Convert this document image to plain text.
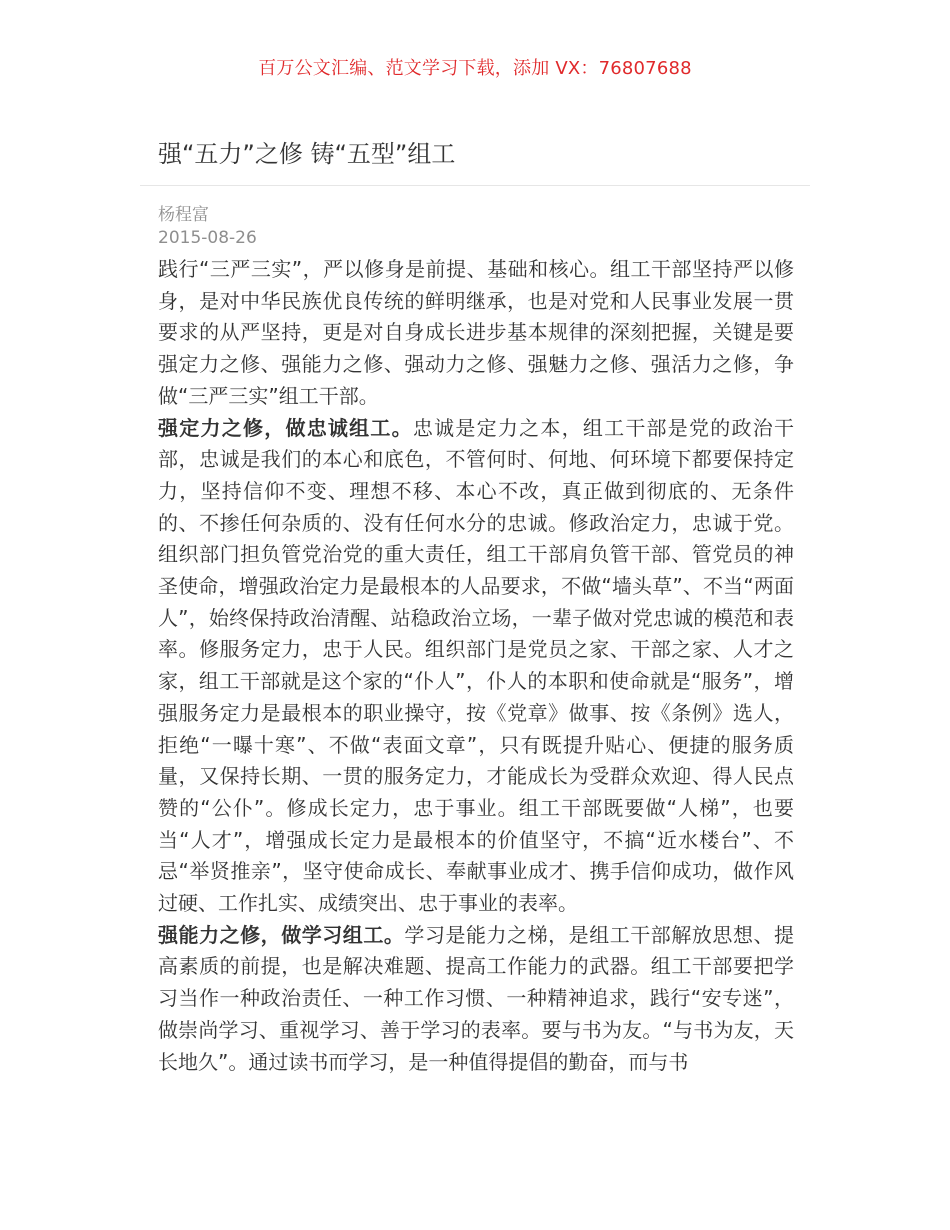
百万公文汇编、范文学习下载，添加 VX：76807688
强“五力”之修 铸“五型”组工
杨程富
2015-08-26

践行“三严三实”，严以修身是前提、基础和核心。组工干部坚持严以修身，是对中华民族优良传统的鲜明继承，也是对党和人民事业发展一贯要求的从严坚持，更是对自身成长进步基本规律的深刻把握，关键是要强定力之修、强能力之修、强动力之修、强魅力之修、强活力之修，争做“三严三实”组工干部。

强定力之修，做忠诚组工。忠诚是定力之本，组工干部是党的政治干部，忠诚是我们的本心和底色，不管何时、何地、何环境下都要保持定力，坚持信仰不变、理想不移、本心不改，真正做到彻底的、无条件的、不掺任何杂质的、没有任何水分的忠诚。修政治定力，忠诚于党。组织部门担负管党治党的重大责任，组工干部肩负管干部、管党员的神圣使命，增强政治定力是最根本的人品要求，不做“墙头草”、不当“两面人”，始终保持政治清醒、站稳政治立场，一辈子做对党忠诚的模范和表率。修服务定力，忠于人民。组织部门是党员之家、干部之家、人才之家，组工干部就是这个家的“仆人”，仆人的本职和使命就是“服务”，增强服务定力是最根本的职业操守，按《党章》做事、按《条例》选人，拒绝“一曝十寒”、不做“表面文章”，只有既提升贴心、便捷的服务质量，又保持长期、一贯的服务定力，才能成长为受群众欢迎、得人民点赞的“公仆”。修成长定力，忠于事业。组工干部既要做“人梯”，也要当“人才”，增强成长定力是最根本的价值坚守，不搞“近水楼台”、不忌“举贤推亲”，坚守使命成长、奉献事业成才、携手信仰成功，做作风过硬、工作扎实、成绩突出、忠于事业的表率。

强能力之修，做学习组工。学习是能力之梯，是组工干部解放思想、提高素质的前提，也是解决难题、提高工作能力的武器。组工干部要把学习当作一种政治责任、一种工作习惯、一种精神追求，践行“安专迷”，做崇尚学习、重视学习、善于学习的表率。要与书为友。“与书为友，天长地久”。通过读书而学习，是一种值得提倡的勤奋，而与书
